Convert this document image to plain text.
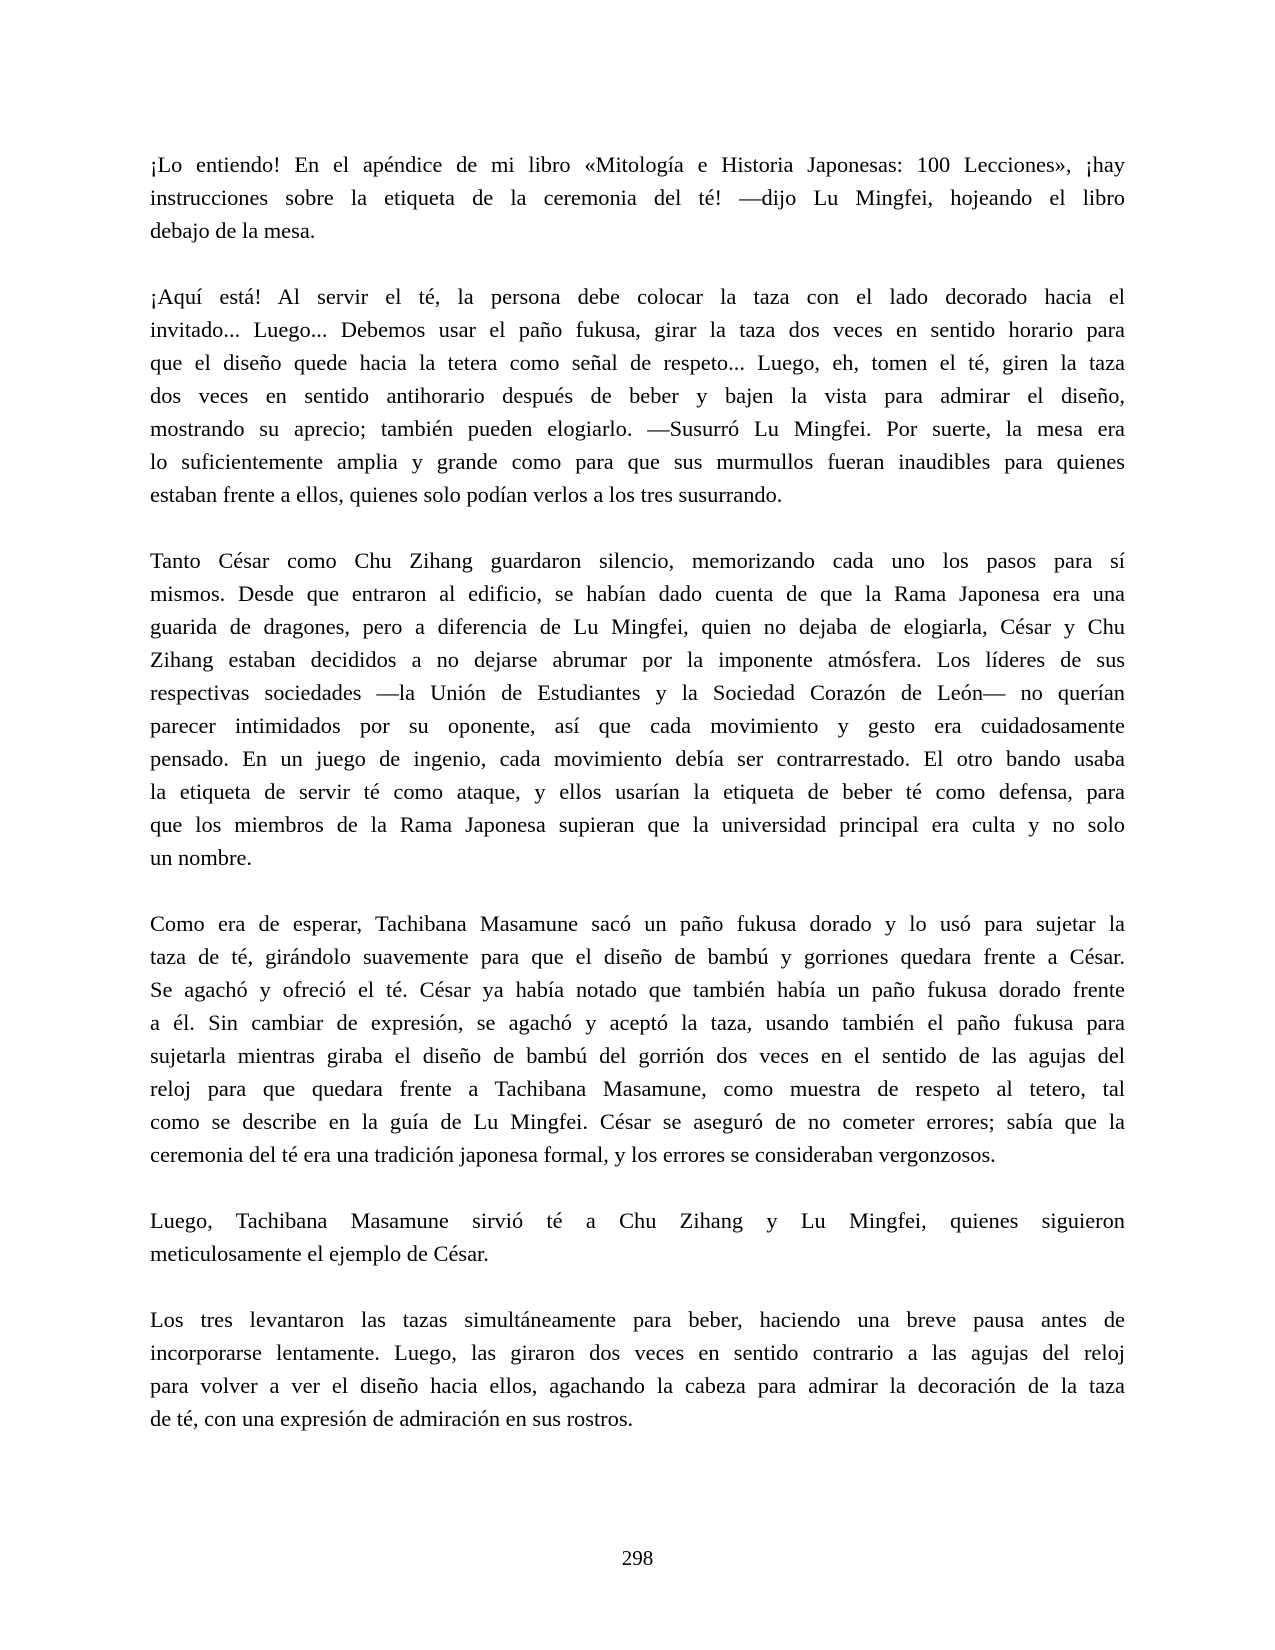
¡Lo entiendo! En el apéndice de mi libro «Mitología e Historia Japonesas: 100 Lecciones», ¡hay
instrucciones sobre la etiqueta de la ceremonia del té! —dijo Lu Mingfei, hojeando el libro
debajo de la mesa.

¡Aquí está! Al servir el té, la persona debe colocar la taza con el lado decorado hacia el
invitado... Luego... Debemos usar el paño fukusa, girar la taza dos veces en sentido horario para
que el diseño quede hacia la tetera como señal de respeto... Luego, eh, tomen el té, giren la taza
dos veces en sentido antihorario después de beber y bajen la vista para admirar el diseño,
mostrando su aprecio; también pueden elogiarlo. —Susurró Lu Mingfei. Por suerte, la mesa era
lo suficientemente amplia y grande como para que sus murmullos fueran inaudibles para quienes
estaban frente a ellos, quienes solo podían verlos a los tres susurrando.

Tanto César como Chu Zihang guardaron silencio, memorizando cada uno los pasos para sí
mismos. Desde que entraron al edificio, se habían dado cuenta de que la Rama Japonesa era una
guarida de dragones, pero a diferencia de Lu Mingfei, quien no dejaba de elogiarla, César y Chu
Zihang estaban decididos a no dejarse abrumar por la imponente atmósfera. Los líderes de sus
respectivas sociedades —la Unión de Estudiantes y la Sociedad Corazón de León— no querían
parecer intimidados por su oponente, así que cada movimiento y gesto era cuidadosamente
pensado. En un juego de ingenio, cada movimiento debía ser contrarrestado. El otro bando usaba
la etiqueta de servir té como ataque, y ellos usarían la etiqueta de beber té como defensa, para
que los miembros de la Rama Japonesa supieran que la universidad principal era culta y no solo
un nombre.

Como era de esperar, Tachibana Masamune sacó un paño fukusa dorado y lo usó para sujetar la
taza de té, girándolo suavemente para que el diseño de bambú y gorriones quedara frente a César.
Se agachó y ofreció el té. César ya había notado que también había un paño fukusa dorado frente
a él. Sin cambiar de expresión, se agachó y aceptó la taza, usando también el paño fukusa para
sujetarla mientras giraba el diseño de bambú del gorrión dos veces en el sentido de las agujas del
reloj para que quedara frente a Tachibana Masamune, como muestra de respeto al tetero, tal
como se describe en la guía de Lu Mingfei. César se aseguró de no cometer errores; sabía que la
ceremonia del té era una tradición japonesa formal, y los errores se consideraban vergonzosos.

Luego, Tachibana Masamune sirvió té a Chu Zihang y Lu Mingfei, quienes siguieron
meticulosamente el ejemplo de César.

Los tres levantaron las tazas simultáneamente para beber, haciendo una breve pausa antes de
incorporarse lentamente. Luego, las giraron dos veces en sentido contrario a las agujas del reloj
para volver a ver el diseño hacia ellos, agachando la cabeza para admirar la decoración de la taza
de té, con una expresión de admiración en sus rostros.

298
